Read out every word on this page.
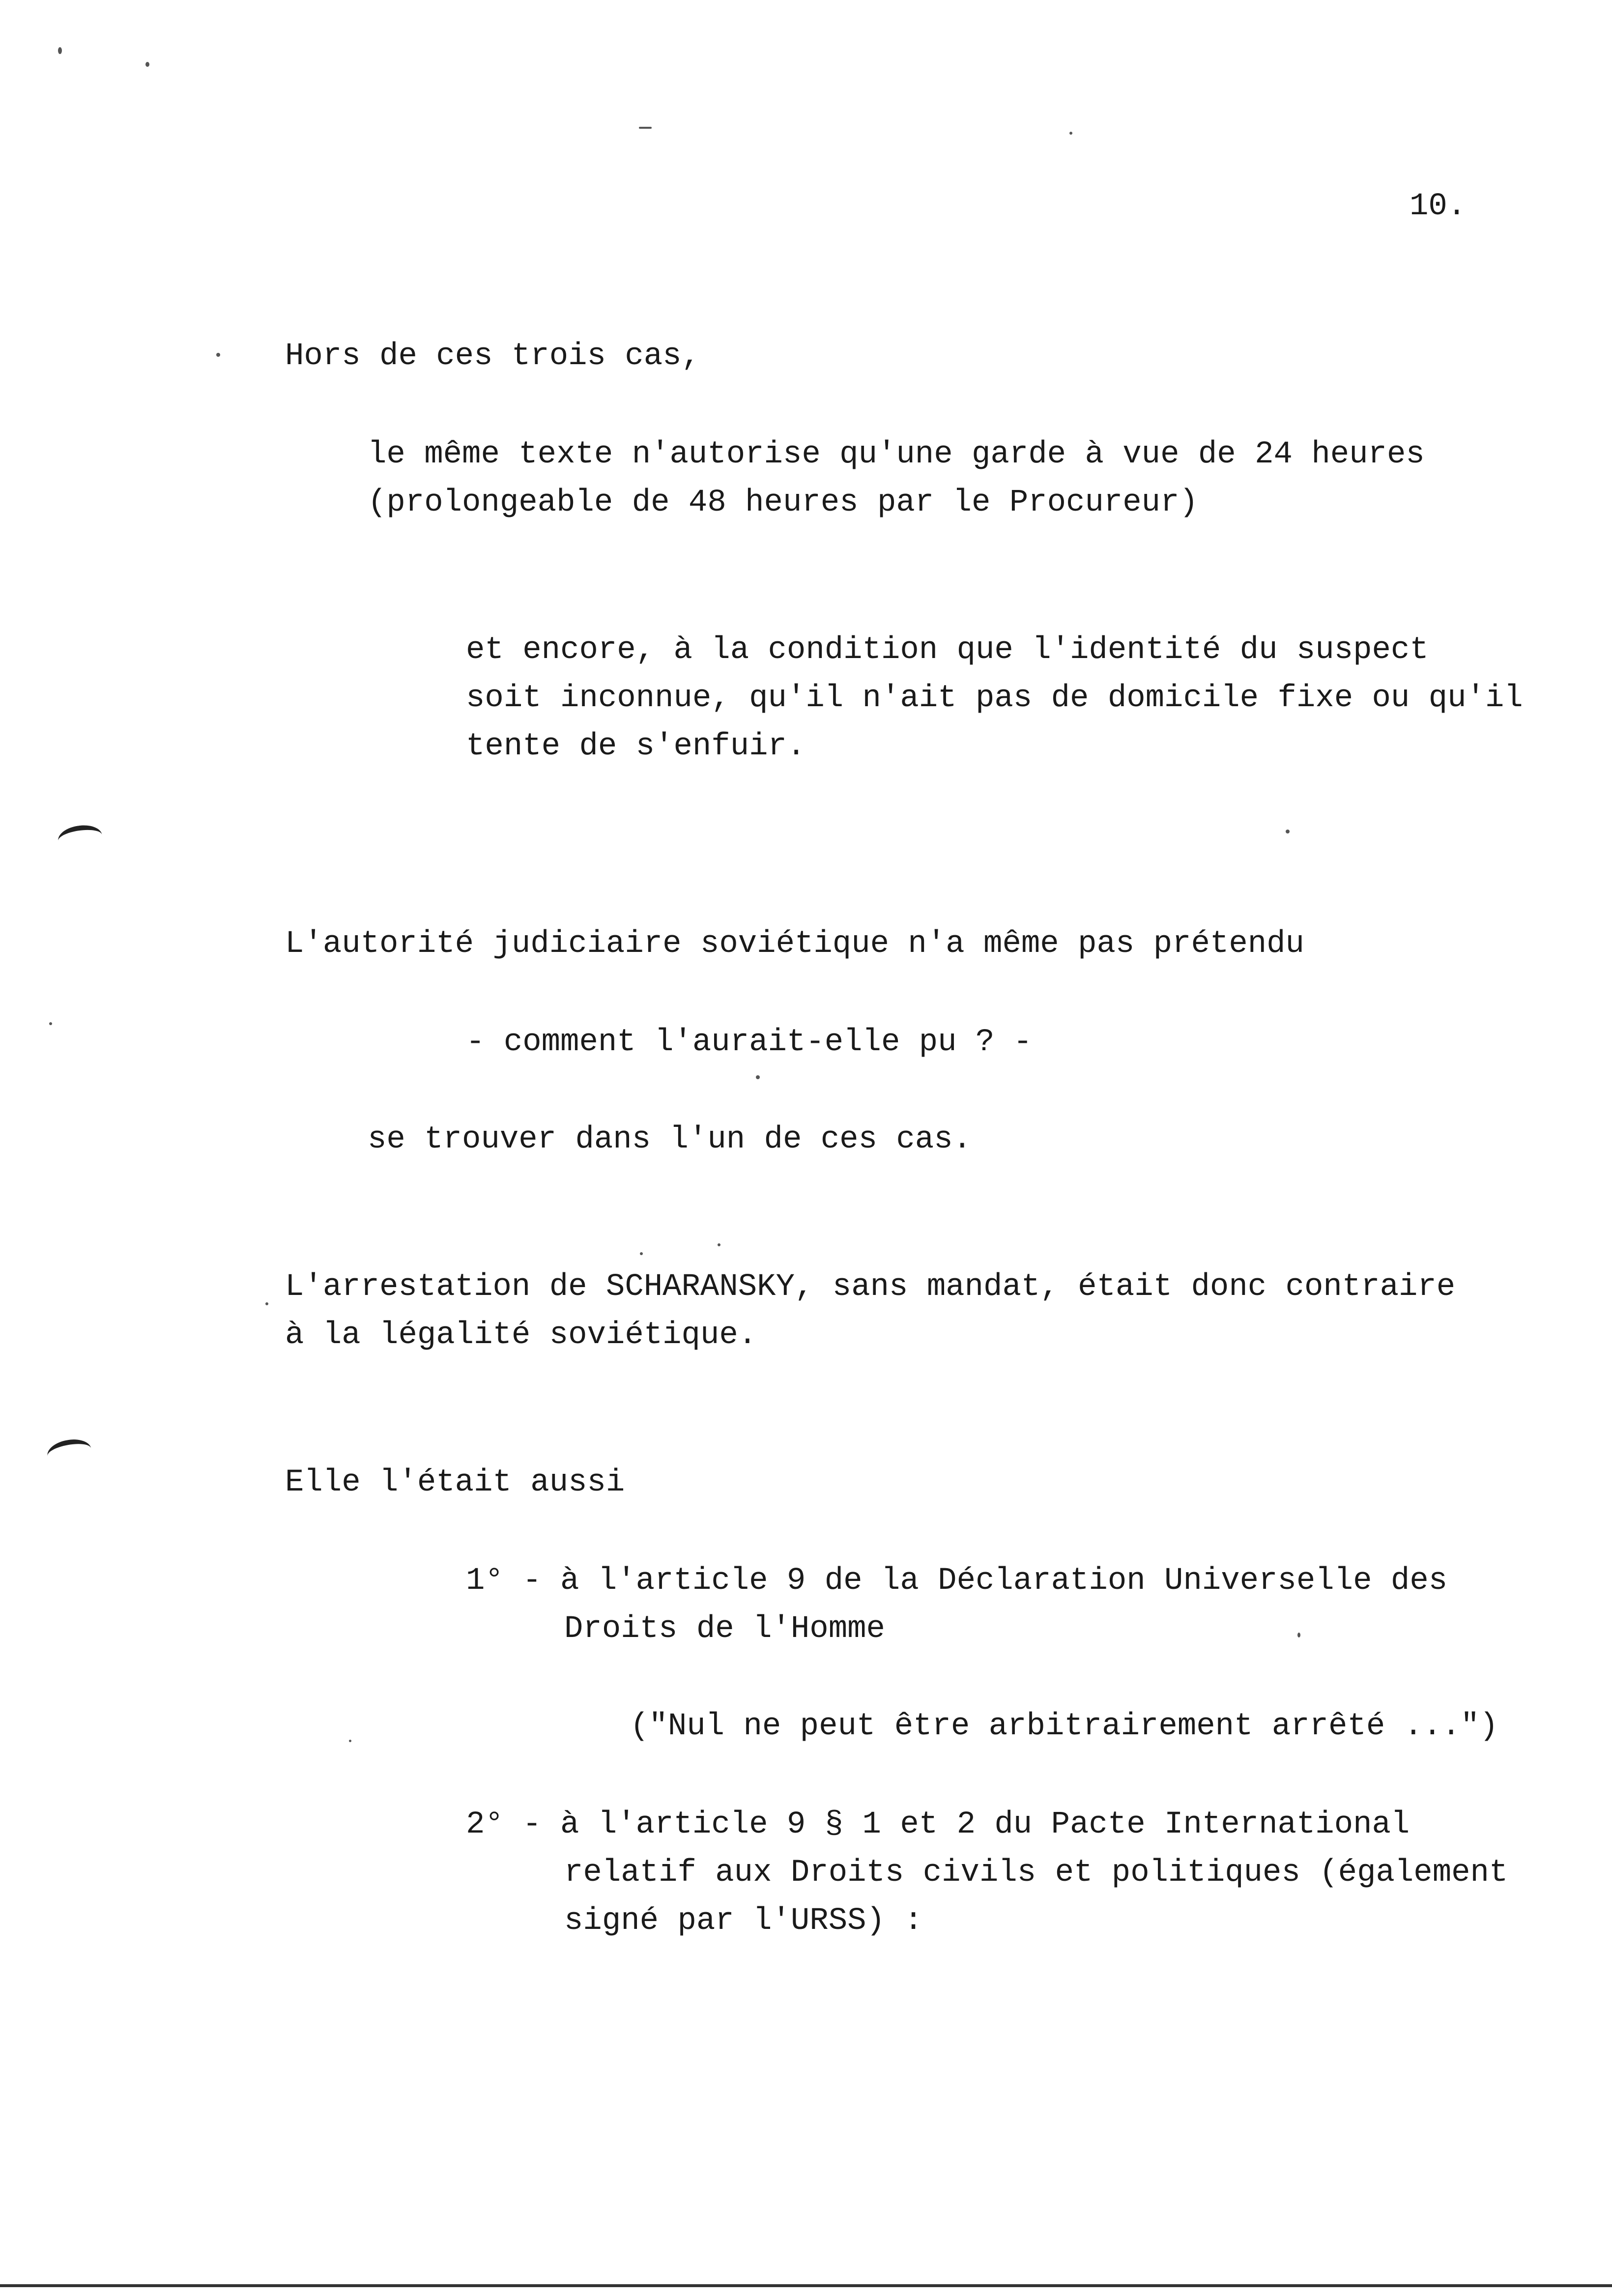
10.
Hors de ces trois cas,
le même texte n'autorise qu'une garde à vue de 24 heures
(prolongeable de 48 heures par le Procureur)
et encore, à la condition que l'identité du suspect
soit inconnue, qu'il n'ait pas de domicile fixe ou qu'il
tente de s'enfuir.
L'autorité judiciaire soviétique n'a même pas prétendu
- comment l'aurait-elle pu ? -
se trouver dans l'un de ces cas.
L'arrestation de SCHARANSKY, sans mandat, était donc contraire
à la légalité soviétique.
Elle l'était aussi
1° - à l'article 9 de la Déclaration Universelle des
Droits de l'Homme
("Nul ne peut être arbitrairement arrêté ...")
2° - à l'article 9 § 1 et 2 du Pacte International
relatif aux Droits civils et politiques (également
signé par l'URSS) :
